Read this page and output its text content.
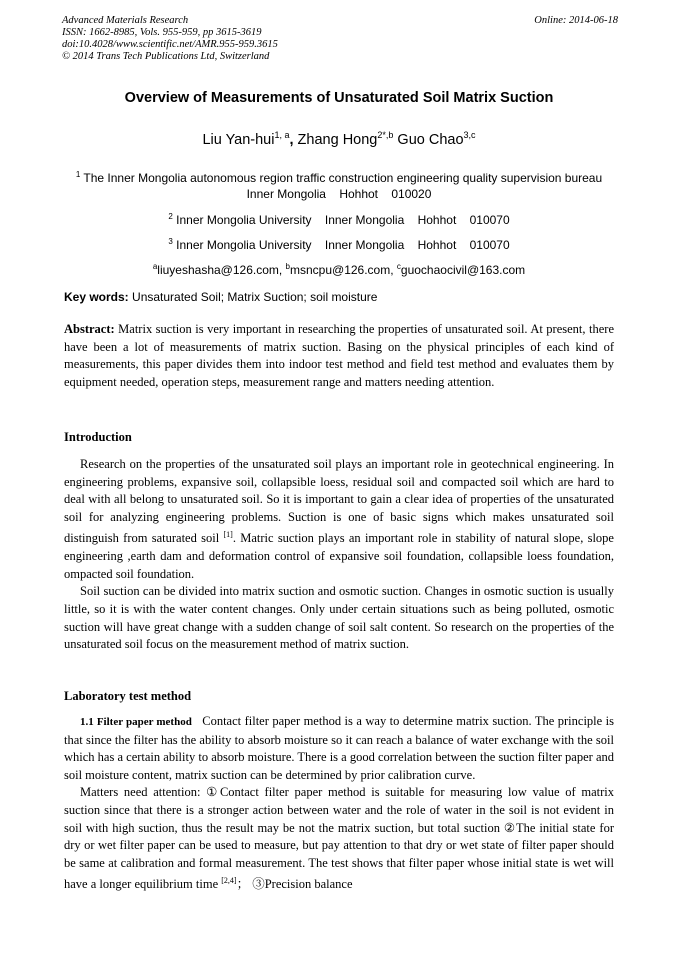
Advanced Materials Research
ISSN: 1662-8985, Vols. 955-959, pp 3615-3619
doi:10.4028/www.scientific.net/AMR.955-959.3615
© 2014 Trans Tech Publications Ltd, Switzerland
Online: 2014-06-18
Overview of Measurements of Unsaturated Soil Matrix Suction
Liu Yan-hui$^{1, a}$, Zhang Hong$^{2*,b}$ Guo Chao$^{3,c}$
$^1$ The Inner Mongolia autonomous region traffic construction engineering quality supervision bureau
Inner Mongolia    Hohhot    010020
$^2$ Inner Mongolia University    Inner Mongolia    Hohhot    010070
$^3$ Inner Mongolia University    Inner Mongolia    Hohhot    010070
$^a$liuyeshasha@126.com, $^b$msncpu@126.com, $^c$guochaocivil@163.com
Key words: Unsaturated Soil; Matrix Suction; soil moisture

Abstract: Matrix suction is very important in researching the properties of unsaturated soil. At present, there have been a lot of measurements of matrix suction. Basing on the physical principles of each kind of measurements, this paper divides them into indoor test method and field test method and evaluates them by equipment needed, operation steps, measurement range and matters needing attention.

Introduction

Research on the properties of the unsaturated soil plays an important role in geotechnical engineering. In engineering problems, expansive soil, collapsible loess, residual soil and compacted soil which are hard to deal with all belong to unsaturated soil. So it is important to gain a clear idea of properties of the unsaturated soil for analyzing engineering problems. Suction is one of basic signs which makes unsaturated soil distinguish from saturated soil [1]. Matric suction plays an important role in stability of natural slope, slope engineering ,earth dam and deformation control of expansive soil foundation, collapsible loess foundation, ompacted soil foundation.

Soil suction can be divided into matrix suction and osmotic suction. Changes in osmotic suction is usually little, so it is with the water content changes. Only under certain situations such as being polluted, osmotic suction will have great change with a sudden change of soil salt content. So research on the properties of the unsaturated soil focus on the measurement method of matrix suction.

Laboratory test method

1.1 Filter paper method   Contact filter paper method is a way to determine matrix suction. The principle is that since the filter has the ability to absorb moisture so it can reach a balance of water exchange with the soil which has a certain ability to absorb moisture. There is a good correlation between the suction filter paper and soil moisture content, matrix suction can be determined by prior calibration curve.

Matters need attention: ①Contact filter paper method is suitable for measuring low value of matrix suction since that there is a stronger action between water and the role of water in the soil is not evident in soil with high suction, thus the result may be not the matrix suction, but total suction ②The initial state for dry or wet filter paper can be used to measure, but pay attention to that dry or wet state of filter paper should be same at calibration and formal measurement. The test shows that filter paper whose initial state is wet will have a longer equilibrium time [2,4]； ③Precision balance
